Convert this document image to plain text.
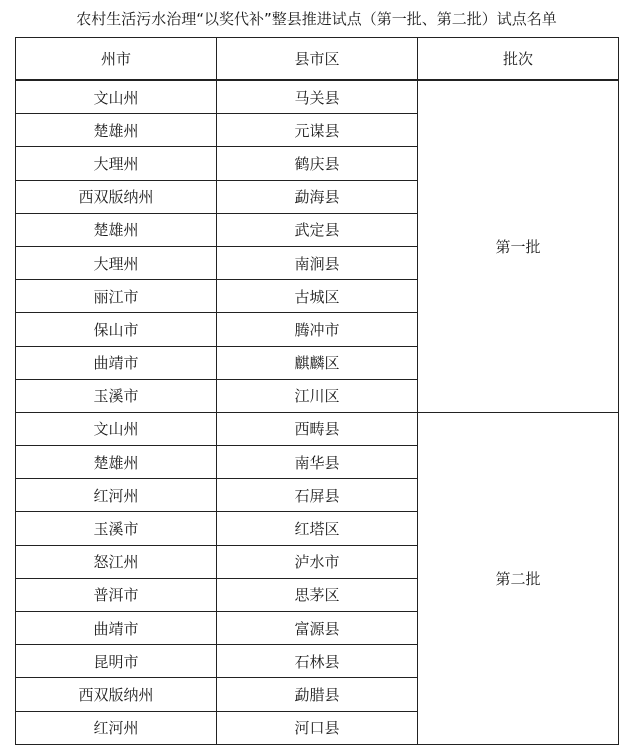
农村生活污水治理“以奖代补”整县推进试点（第一批、第二批）试点名单
州市	县市区	批次
文山州	马关县	第一批
楚雄州	元谋县	
大理州	鹤庆县	
西双版纳州	勐海县	
楚雄州	武定县	
大理州	南涧县	
丽江市	古城区	
保山市	腾冲市	
曲靖市	麒麟区	
玉溪市	江川区	
文山州	西畴县	第二批
楚雄州	南华县	
红河州	石屏县	
玉溪市	红塔区	
怒江州	泸水市	
普洱市	思茅区	
曲靖市	富源县	
昆明市	石林县	
西双版纳州	勐腊县	
红河州	河口县	
